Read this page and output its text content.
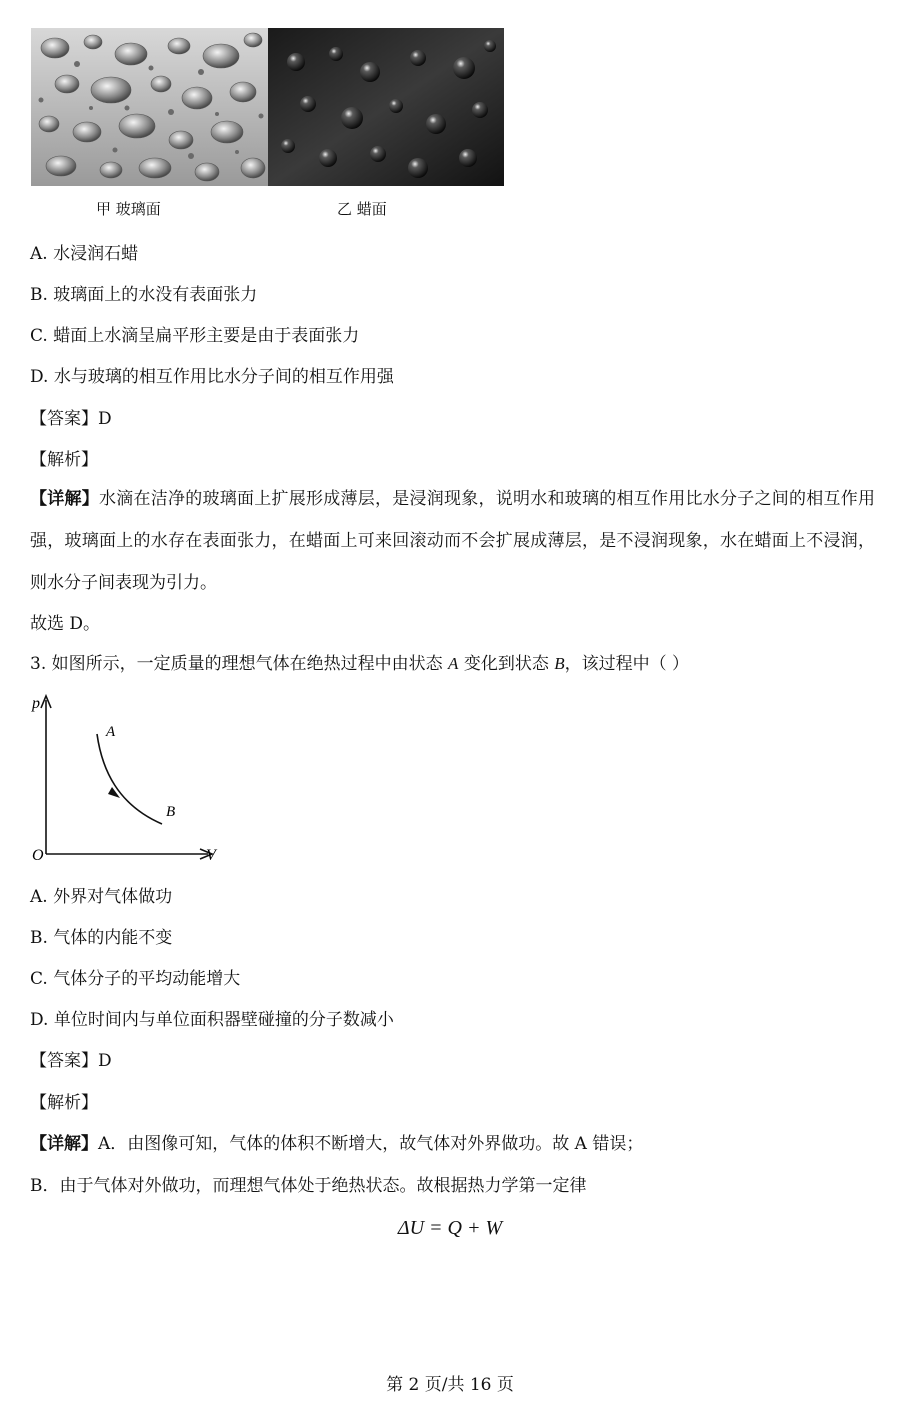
甲 玻璃面	乙 蜡面
A. 水浸润石蜡
B. 玻璃面上的水没有表面张力
C. 蜡面上水滴呈扁平形主要是由于表面张力
D. 水与玻璃的相互作用比水分子间的相互作用强
【答案】D
【解析】
【详解】水滴在洁净的玻璃面上扩展形成薄层，是浸润现象，说明水和玻璃的相互作用比水分子之间的相互作用强，玻璃面上的水存在表面张力，在蜡面上可来回滚动而不会扩展成薄层，是不浸润现象，水在蜡面上不浸润，则水分子间表现为引力。
故选 D。
3. 如图所示，一定质量的理想气体在绝热过程中由状态 A 变化到状态 B，该过程中（ ）
p
V
O
A
B
A. 外界对气体做功
B. 气体的内能不变
C. 气体分子的平均动能增大
D. 单位时间内与单位面积器壁碰撞的分子数减小
【答案】D
【解析】
【详解】A．由图像可知，气体的体积不断增大，故气体对外界做功。故 A 错误；
B．由于气体对外做功，而理想气体处于绝热状态。故根据热力学第一定律
ΔU = Q + W
第 2 页/共 16 页
